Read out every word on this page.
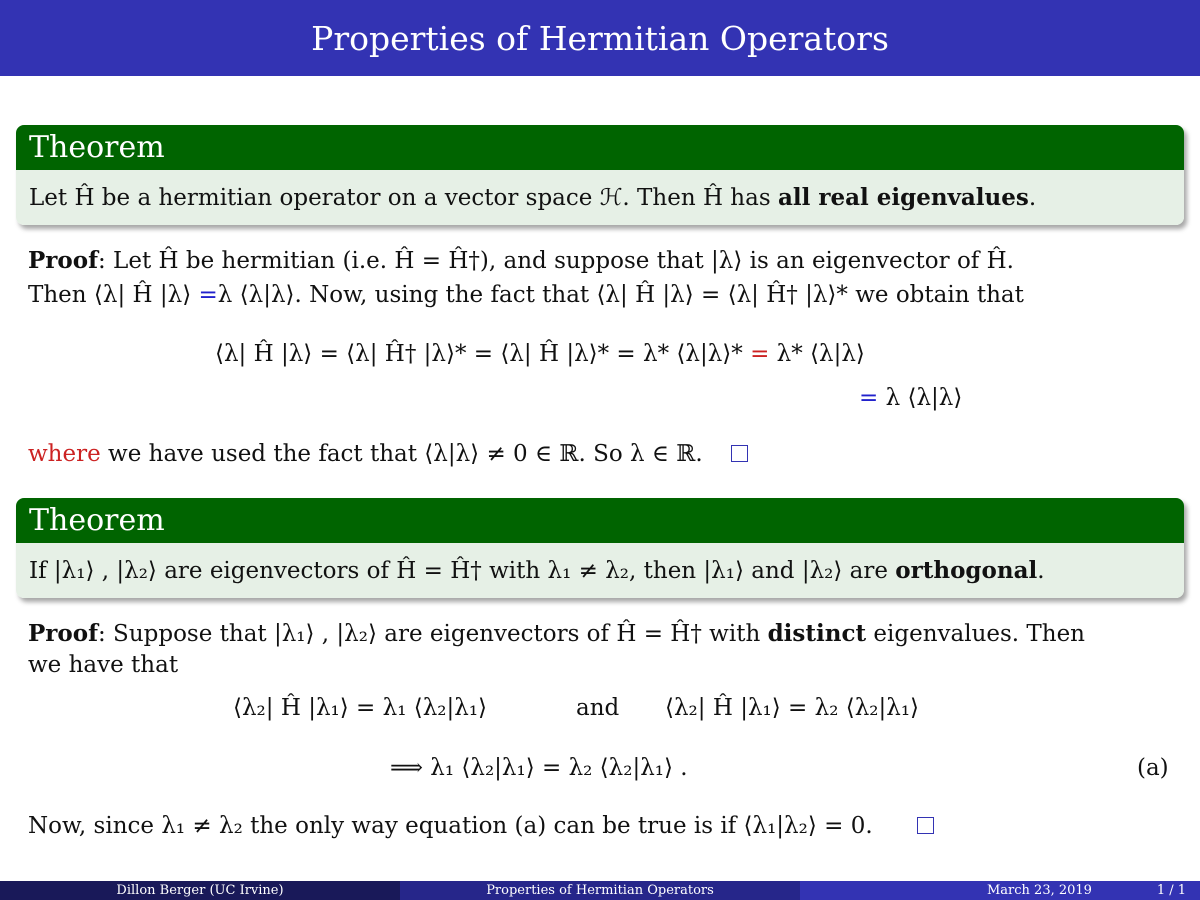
Properties of Hermitian Operators
Theorem
Let Ĥ be a hermitian operator on a vector space ℋ. Then Ĥ has all real eigenvalues.
Proof: Let Ĥ be hermitian (i.e. Ĥ = Ĥ†), and suppose that |λ⟩ is an eigenvector of Ĥ.
Then ⟨λ| Ĥ |λ⟩ =λ ⟨λ|λ⟩. Now, using the fact that ⟨λ| Ĥ |λ⟩ = ⟨λ| Ĥ† |λ⟩* we obtain that
⟨λ| Ĥ |λ⟩ = ⟨λ| Ĥ† |λ⟩* = ⟨λ| Ĥ |λ⟩* = λ* ⟨λ|λ⟩* = λ* ⟨λ|λ⟩
= λ ⟨λ|λ⟩
where we have used the fact that ⟨λ|λ⟩ ≠ 0 ∈ ℝ. So λ ∈ ℝ.
Theorem
If |λ₁⟩ , |λ₂⟩ are eigenvectors of Ĥ = Ĥ† with λ₁ ≠ λ₂, then |λ₁⟩ and |λ₂⟩ are orthogonal.
Proof: Suppose that |λ₁⟩ , |λ₂⟩ are eigenvectors of Ĥ = Ĥ† with distinct eigenvalues. Then
we have that
⟨λ₂| Ĥ |λ₁⟩ = λ₁ ⟨λ₂|λ₁⟩	and ⟨λ₂| Ĥ |λ₁⟩ = λ₂ ⟨λ₂|λ₁⟩
⟹ λ₁ ⟨λ₂|λ₁⟩ = λ₂ ⟨λ₂|λ₁⟩ .	(a)
Now, since λ₁ ≠ λ₂ the only way equation (a) can be true is if ⟨λ₁|λ₂⟩ = 0.
Dillon Berger (UC Irvine)	Properties of Hermitian Operators	March 23, 2019	1 / 1
